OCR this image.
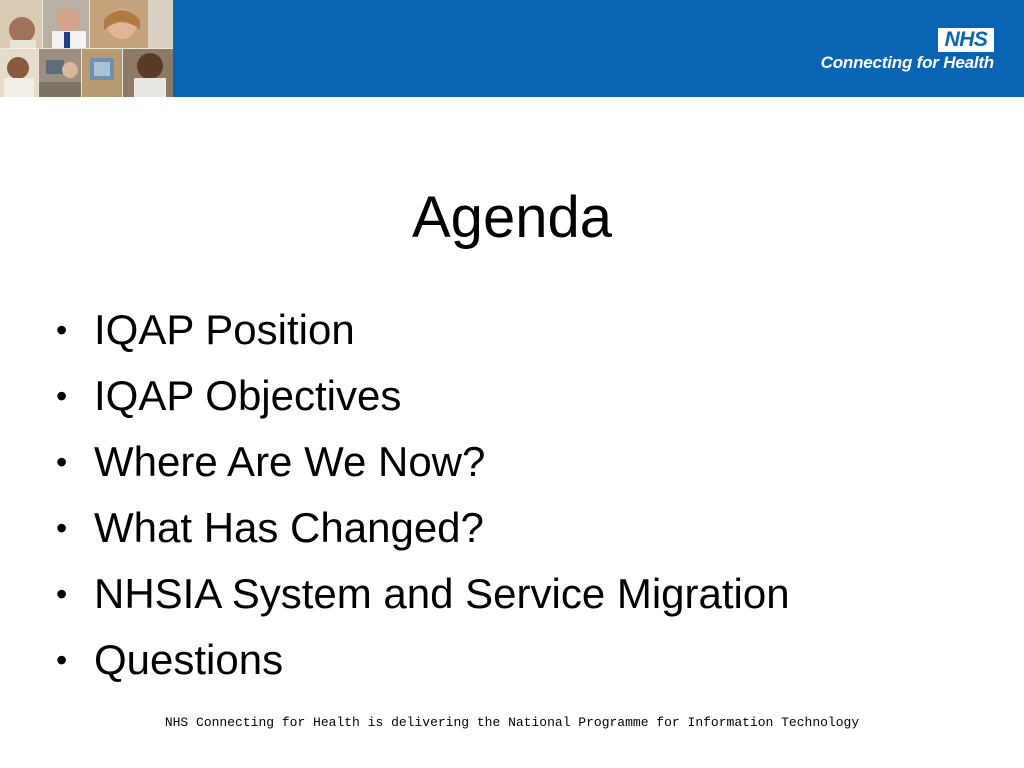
NHS
Connecting for Health
Agenda
• IQAP Position
• IQAP Objectives
• Where Are We Now?
• What Has Changed?
• NHSIA System and Service Migration
• Questions
NHS Connecting for Health is delivering the National Programme for Information Technology
